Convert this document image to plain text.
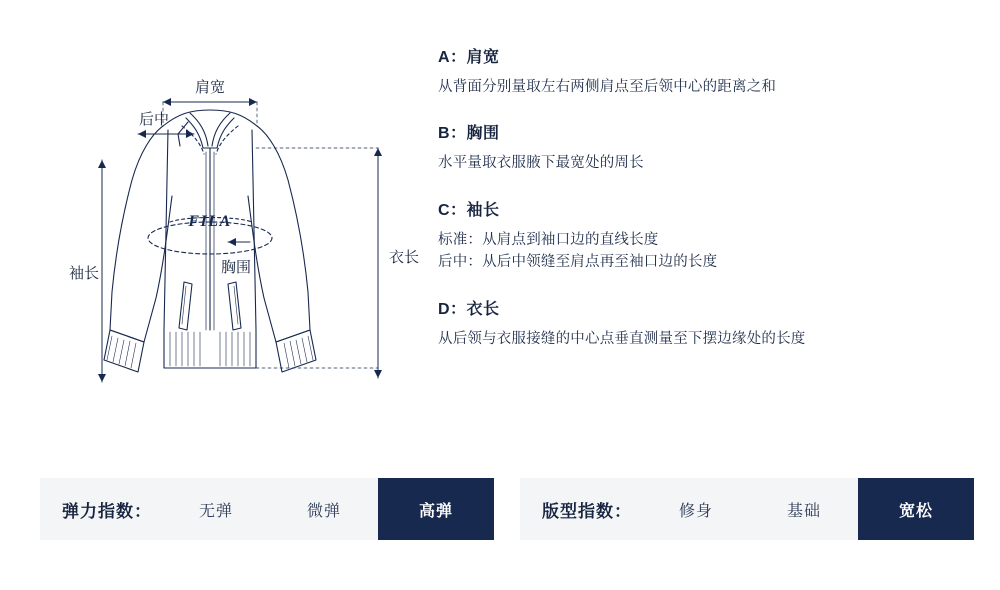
FILA
肩宽
后中
袖长	胸围
衣长
A：肩宽
从背面分别量取左右两侧肩点至后领中心的距离之和
B：胸围
水平量取衣服腋下最宽处的周长
C：袖长
标准：从肩点到袖口边的直线长度
后中：从后中领缝至肩点再至袖口边的长度
D：衣长
从后领与衣服接缝的中心点垂直测量至下摆边缘处的长度
弹力指数：	无弹	微弹	高弹	版型指数：	修身	基础	宽松
